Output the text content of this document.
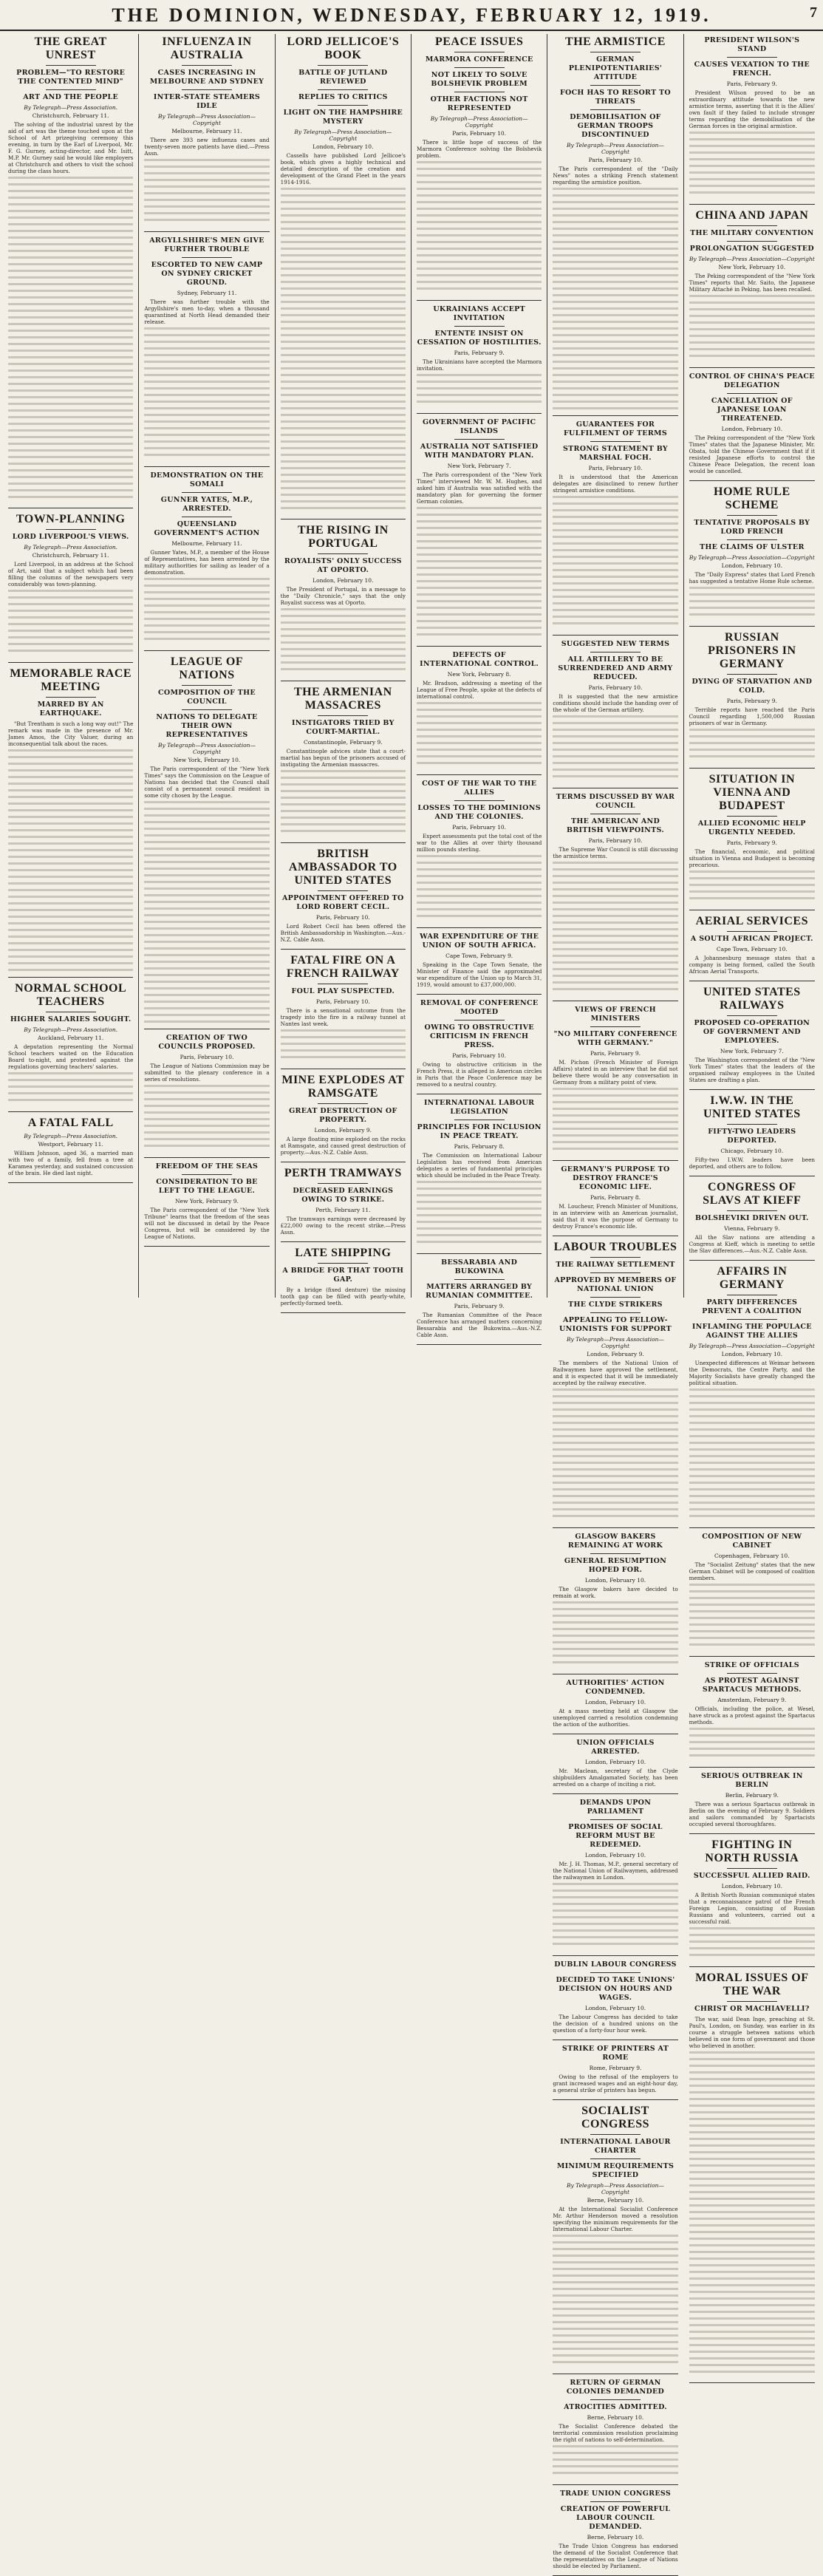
THE DOMINION, WEDNESDAY, FEBRUARY 12, 1919.	7
THE GREAT UNREST
PROBLEM—"TO RESTORE THE CONTENTED MIND"
ART AND THE PEOPLE
By Telegraph—Press Association.
Christchurch, February 11.
The solving of the industrial unrest by the aid of art was the theme touched upon at the School of Art prizegiving ceremony this evening, in turn by the Earl of Liverpool, Mr. F. G. Gurney, acting-director, and Mr. Isitt, M.P. Mr. Gurney said he would like employers at Christchurch and others to visit the school during the class hours.
TOWN-PLANNING
LORD LIVERPOOL'S VIEWS.
By Telegraph—Press Association.
Christchurch, February 11.
Lord Liverpool, in an address at the School of Art, said that a subject which had been filling the columns of the newspapers very considerably was town-planning.
MEMORABLE RACE MEETING
MARRED BY AN EARTHQUAKE.
"But Trentham is such a long way out!" The remark was made in the presence of Mr. James Amos, the City Valuer, during an inconsequential talk about the races.
NORMAL SCHOOL TEACHERS
HIGHER SALARIES SOUGHT.
By Telegraph—Press Association.
Auckland, February 11.
A deputation representing the Normal School teachers waited on the Education Board to-night, and protested against the regulations governing teachers' salaries.
A FATAL FALL
By Telegraph—Press Association.
Westport, February 11.
William Johnson, aged 36, a married man with two of a family, fell from a tree at Karamea yesterday, and sustained concussion of the brain. He died last night.
INFLUENZA IN AUSTRALIA
CASES INCREASING IN MELBOURNE AND SYDNEY
INTER-STATE STEAMERS IDLE
By Telegraph—Press Association—Copyright
Melbourne, February 11.
There are 393 new influenza cases and twenty-seven more patients have died.—Press Assn.
ARGYLLSHIRE'S MEN GIVE FURTHER TROUBLE
ESCORTED TO NEW CAMP ON SYDNEY CRICKET GROUND.
Sydney, February 11.
There was further trouble with the Argyllshire's men to-day, when a thousand quarantined at North Head demanded their release.
DEMONSTRATION ON THE SOMALI
GUNNER YATES, M.P., ARRESTED.
QUEENSLAND GOVERNMENT'S ACTION
Melbourne, February 11.
Gunner Yates, M.P., a member of the House of Representatives, has been arrested by the military authorities for sailing as leader of a demonstration.
LEAGUE OF NATIONS
COMPOSITION OF THE COUNCIL
NATIONS TO DELEGATE THEIR OWN REPRESENTATIVES
By Telegraph—Press Association—Copyright
New York, February 10.
The Paris correspondent of the "New York Times" says the Commission on the League of Nations has decided that the Council shall consist of a permanent council resident in some city chosen by the League.
CREATION OF TWO COUNCILS PROPOSED.
Paris, February 10.
The League of Nations Commission may be submitted to the plenary conference in a series of resolutions.
FREEDOM OF THE SEAS
CONSIDERATION TO BE LEFT TO THE LEAGUE.
New York, February 9.
The Paris correspondent of the "New York Tribune" learns that the freedom of the seas will not be discussed in detail by the Peace Congress, but will be considered by the League of Nations.
LORD JELLICOE'S BOOK
BATTLE OF JUTLAND REVIEWED
REPLIES TO CRITICS
LIGHT ON THE HAMPSHIRE MYSTERY
By Telegraph—Press Association—Copyright
London, February 10.
Cassells have published Lord Jellicoe's book, which gives a highly technical and detailed description of the creation and development of the Grand Fleet in the years 1914-1916.
THE RISING IN PORTUGAL
ROYALISTS' ONLY SUCCESS AT OPORTO.
London, February 10.
The President of Portugal, in a message to the "Daily Chronicle," says that the only Royalist success was at Oporto.
THE ARMENIAN MASSACRES
INSTIGATORS TRIED BY COURT-MARTIAL.
Constantinople, February 9.
Constantinople advices state that a court-martial has begun of the prisoners accused of instigating the Armenian massacres.
BRITISH AMBASSADOR TO UNITED STATES
APPOINTMENT OFFERED TO LORD ROBERT CECIL.
Paris, February 10.
Lord Robert Cecil has been offered the British Ambassadorship in Washington.—Aus.-N.Z. Cable Assn.
FATAL FIRE ON A FRENCH RAILWAY
FOUL PLAY SUSPECTED.
Paris, February 10.
There is a sensational outcome from the tragedy into the fire in a railway tunnel at Nantes last week.
MINE EXPLODES AT RAMSGATE
GREAT DESTRUCTION OF PROPERTY.
London, February 9.
A large floating mine exploded on the rocks at Ramsgate, and caused great destruction of property.—Aus.-N.Z. Cable Assn.
PERTH TRAMWAYS
DECREASED EARNINGS OWING TO STRIKE.
Perth, February 11.
The tramways earnings were decreased by £22,000 owing to the recent strike.—Press Assn.
LATE SHIPPING
A BRIDGE FOR THAT TOOTH GAP.
By a bridge (fixed denture) the missing tooth gap can be filled with pearly-white, perfectly-formed teeth.
PEACE ISSUES
MARMORA CONFERENCE
NOT LIKELY TO SOLVE BOLSHEVIK PROBLEM
OTHER FACTIONS NOT REPRESENTED
By Telegraph—Press Association—Copyright
Paris, February 10.
There is little hope of success of the Marmora Conference solving the Bolshevik problem.
UKRAINIANS ACCEPT INVITATION
ENTENTE INSIST ON CESSATION OF HOSTILITIES.
Paris, February 9.
The Ukrainians have accepted the Marmora invitation.
GOVERNMENT OF PACIFIC ISLANDS
AUSTRALIA NOT SATISFIED WITH MANDATORY PLAN.
New York, February 7.
The Paris correspondent of the "New York Times" interviewed Mr. W. M. Hughes, and asked him if Australia was satisfied with the mandatory plan for governing the former German colonies.
DEFECTS OF INTERNATIONAL CONTROL.
New York, February 8.
Mr. Bradson, addressing a meeting of the League of Free People, spoke at the defects of international control.
COST OF THE WAR TO THE ALLIES
LOSSES TO THE DOMINIONS AND THE COLONIES.
Paris, February 10.
Expert assessments put the total cost of the war to the Allies at over thirty thousand million pounds sterling.
WAR EXPENDITURE OF THE UNION OF SOUTH AFRICA.
Cape Town, February 9.
Speaking in the Cape Town Senate, the Minister of Finance said the approximated war expenditure of the Union up to March 31, 1919, would amount to £37,000,000.
REMOVAL OF CONFERENCE MOOTED
OWING TO OBSTRUCTIVE CRITICISM IN FRENCH PRESS.
Paris, February 10.
Owing to obstructive criticism in the French Press, it is alleged in American circles in Paris that the Peace Conference may be removed to a neutral country.
INTERNATIONAL LABOUR LEGISLATION
PRINCIPLES FOR INCLUSION IN PEACE TREATY.
Paris, February 8.
The Commission on International Labour Legislation has received from American delegates a series of fundamental principles which should be included in the Peace Treaty.
BESSARABIA AND BUKOWINA
MATTERS ARRANGED BY RUMANIAN COMMITTEE.
Paris, February 9.
The Rumanian Committee of the Peace Conference has arranged matters concerning Bessarabia and the Bukowina.—Aus.-N.Z. Cable Assn.
THE ARMISTICE
GERMAN PLENIPOTENTIARIES' ATTITUDE
FOCH HAS TO RESORT TO THREATS
DEMOBILISATION OF GERMAN TROOPS DISCONTINUED
By Telegraph—Press Association—Copyright
Paris, February 10.
The Paris correspondent of the "Daily News" notes a striking French statement regarding the armistice position.
GUARANTEES FOR FULFILMENT OF TERMS
STRONG STATEMENT BY MARSHAL FOCH.
Paris, February 10.
It is understood that the American delegates are disinclined to renew further stringent armistice conditions.
SUGGESTED NEW TERMS
ALL ARTILLERY TO BE SURRENDERED AND ARMY REDUCED.
Paris, February 10.
It is suggested that the new armistice conditions should include the handing over of the whole of the German artillery.
TERMS DISCUSSED BY WAR COUNCIL
THE AMERICAN AND BRITISH VIEWPOINTS.
Paris, February 10.
The Supreme War Council is still discussing the armistice terms.
VIEWS OF FRENCH MINISTERS
"NO MILITARY CONFERENCE WITH GERMANY."
Paris, February 9.
M. Pichon (French Minister of Foreign Affairs) stated in an interview that he did not believe there would be any conversation in Germany from a military point of view.
GERMANY'S PURPOSE TO DESTROY FRANCE'S ECONOMIC LIFE.
Paris, February 8.
M. Loucheur, French Minister of Munitions, in an interview with an American journalist, said that it was the purpose of Germany to destroy France's economic life.
LABOUR TROUBLES
THE RAILWAY SETTLEMENT
APPROVED BY MEMBERS OF NATIONAL UNION
THE CLYDE STRIKERS
APPEALING TO FELLOW-UNIONISTS FOR SUPPORT
By Telegraph—Press Association—Copyright
London, February 9.
The members of the National Union of Railwaymen have approved the settlement, and it is expected that it will be immediately accepted by the railway executive.
GLASGOW BAKERS REMAINING AT WORK
GENERAL RESUMPTION HOPED FOR.
London, February 10.
The Glasgow bakers have decided to remain at work.
AUTHORITIES' ACTION CONDEMNED.
London, February 10.
At a mass meeting held at Glasgow the unemployed carried a resolution condemning the action of the authorities.
UNION OFFICIALS ARRESTED.
London, February 10.
Mr. Maclean, secretary of the Clyde shipbuilders Amalgamated Society, has been arrested on a charge of inciting a riot.
DEMANDS UPON PARLIAMENT
PROMISES OF SOCIAL REFORM MUST BE REDEEMED.
London, February 10.
Mr. J. H. Thomas, M.P., general secretary of the National Union of Railwaymen, addressed the railwaymen in London.
DUBLIN LABOUR CONGRESS
DECIDED TO TAKE UNIONS' DECISION ON HOURS AND WAGES.
London, February 10.
The Labour Congress has decided to take the decision of a hundred unions on the question of a forty-four hour week.
STRIKE OF PRINTERS AT ROME
Rome, February 9.
Owing to the refusal of the employers to grant increased wages and an eight-hour day, a general strike of printers has begun.
SOCIALIST CONGRESS
INTERNATIONAL LABOUR CHARTER
MINIMUM REQUIREMENTS SPECIFIED
By Telegraph—Press Association—Copyright
Berne, February 10.
At the International Socialist Conference Mr. Arthur Henderson moved a resolution specifying the minimum requirements for the International Labour Charter.
RETURN OF GERMAN COLONIES DEMANDED
ATROCITIES ADMITTED.
Berne, February 10.
The Socialist Conference debated the territorial commission resolution proclaiming the right of nations to self-determination.
TRADE UNION CONGRESS
CREATION OF POWERFUL LABOUR COUNCIL DEMANDED.
Berne, February 10.
The Trade Union Congress has endorsed the demand of the Socialist Conference that the representatives on the League of Nations should be elected by Parliament.
PRESIDENT WILSON'S STAND
CAUSES VEXATION TO THE FRENCH.
Paris, February 9.
President Wilson proved to be an extraordinary attitude towards the new armistice terms, asserting that it is the Allies' own fault if they failed to include stronger terms regarding the demobilisation of the German forces in the original armistice.
CHINA AND JAPAN
THE MILITARY CONVENTION
PROLONGATION SUGGESTED
By Telegraph—Press Association—Copyright
New York, February 10.
The Peking correspondent of the "New York Times" reports that Mr. Saito, the Japanese Military Attaché in Peking, has been recalled.
CONTROL OF CHINA'S PEACE DELEGATION
CANCELLATION OF JAPANESE LOAN THREATENED.
London, February 10.
The Peking correspondent of the "New York Times" states that the Japanese Minister, Mr. Obata, told the Chinese Government that if it resisted Japanese efforts to control the Chinese Peace Delegation, the recent loan would be cancelled.
HOME RULE SCHEME
TENTATIVE PROPOSALS BY LORD FRENCH
THE CLAIMS OF ULSTER
By Telegraph—Press Association—Copyright
London, February 10.
The "Daily Express" states that Lord French has suggested a tentative Home Rule scheme.
RUSSIAN PRISONERS IN GERMANY
DYING OF STARVATION AND COLD.
Paris, February 9.
Terrible reports have reached the Paris Council regarding 1,500,000 Russian prisoners of war in Germany.
SITUATION IN VIENNA AND BUDAPEST
ALLIED ECONOMIC HELP URGENTLY NEEDED.
Paris, February 9.
The financial, economic, and political situation in Vienna and Budapest is becoming precarious.
AERIAL SERVICES
A SOUTH AFRICAN PROJECT.
Cape Town, February 10.
A Johannesburg message states that a company is being formed, called the South African Aerial Transports.
UNITED STATES RAILWAYS
PROPOSED CO-OPERATION OF GOVERNMENT AND EMPLOYEES.
New York, February 7.
The Washington correspondent of the "New York Times" states that the leaders of the organised railway employees in the United States are drafting a plan.
I.W.W. IN THE UNITED STATES
FIFTY-TWO LEADERS DEPORTED.
Chicago, February 10.
Fifty-two I.W.W. leaders have been deported, and others are to follow.
CONGRESS OF SLAVS AT KIEFF
BOLSHEVIKI DRIVEN OUT.
Vienna, February 9.
All the Slav nations are attending a Congress at Kieff, which is meeting to settle the Slav differences.—Aus.-N.Z. Cable Assn.
AFFAIRS IN GERMANY
PARTY DIFFERENCES PREVENT A COALITION
INFLAMING THE POPULACE AGAINST THE ALLIES
By Telegraph—Press Association—Copyright
London, February 10.
Unexpected differences at Weimar between the Democrats, the Centre Party, and the Majority Socialists have greatly changed the political situation.
COMPOSITION OF NEW CABINET
Copenhagen, February 10.
The "Socialist Zeitung" states that the new German Cabinet will be composed of coalition members.
STRIKE OF OFFICIALS
AS PROTEST AGAINST SPARTACUS METHODS.
Amsterdam, February 9.
Officials, including the police, at Wesel, have struck as a protest against the Spartacus methods.
SERIOUS OUTBREAK IN BERLIN
Berlin, February 9.
There was a serious Spartacus outbreak in Berlin on the evening of February 9. Soldiers and sailors commanded by Spartacists occupied several thoroughfares.
FIGHTING IN NORTH RUSSIA
SUCCESSFUL ALLIED RAID.
London, February 10.
A British North Russian communiqué states that a reconnaissance patrol of the French Foreign Legion, consisting of Russian Russians and volunteers, carried out a successful raid.
MORAL ISSUES OF THE WAR
CHRIST OR MACHIAVELLI?
The war, said Dean Inge, preaching at St. Paul's, London, on Sunday, was earlier in its course a struggle between nations which believed in one form of government and those who believed in another.
